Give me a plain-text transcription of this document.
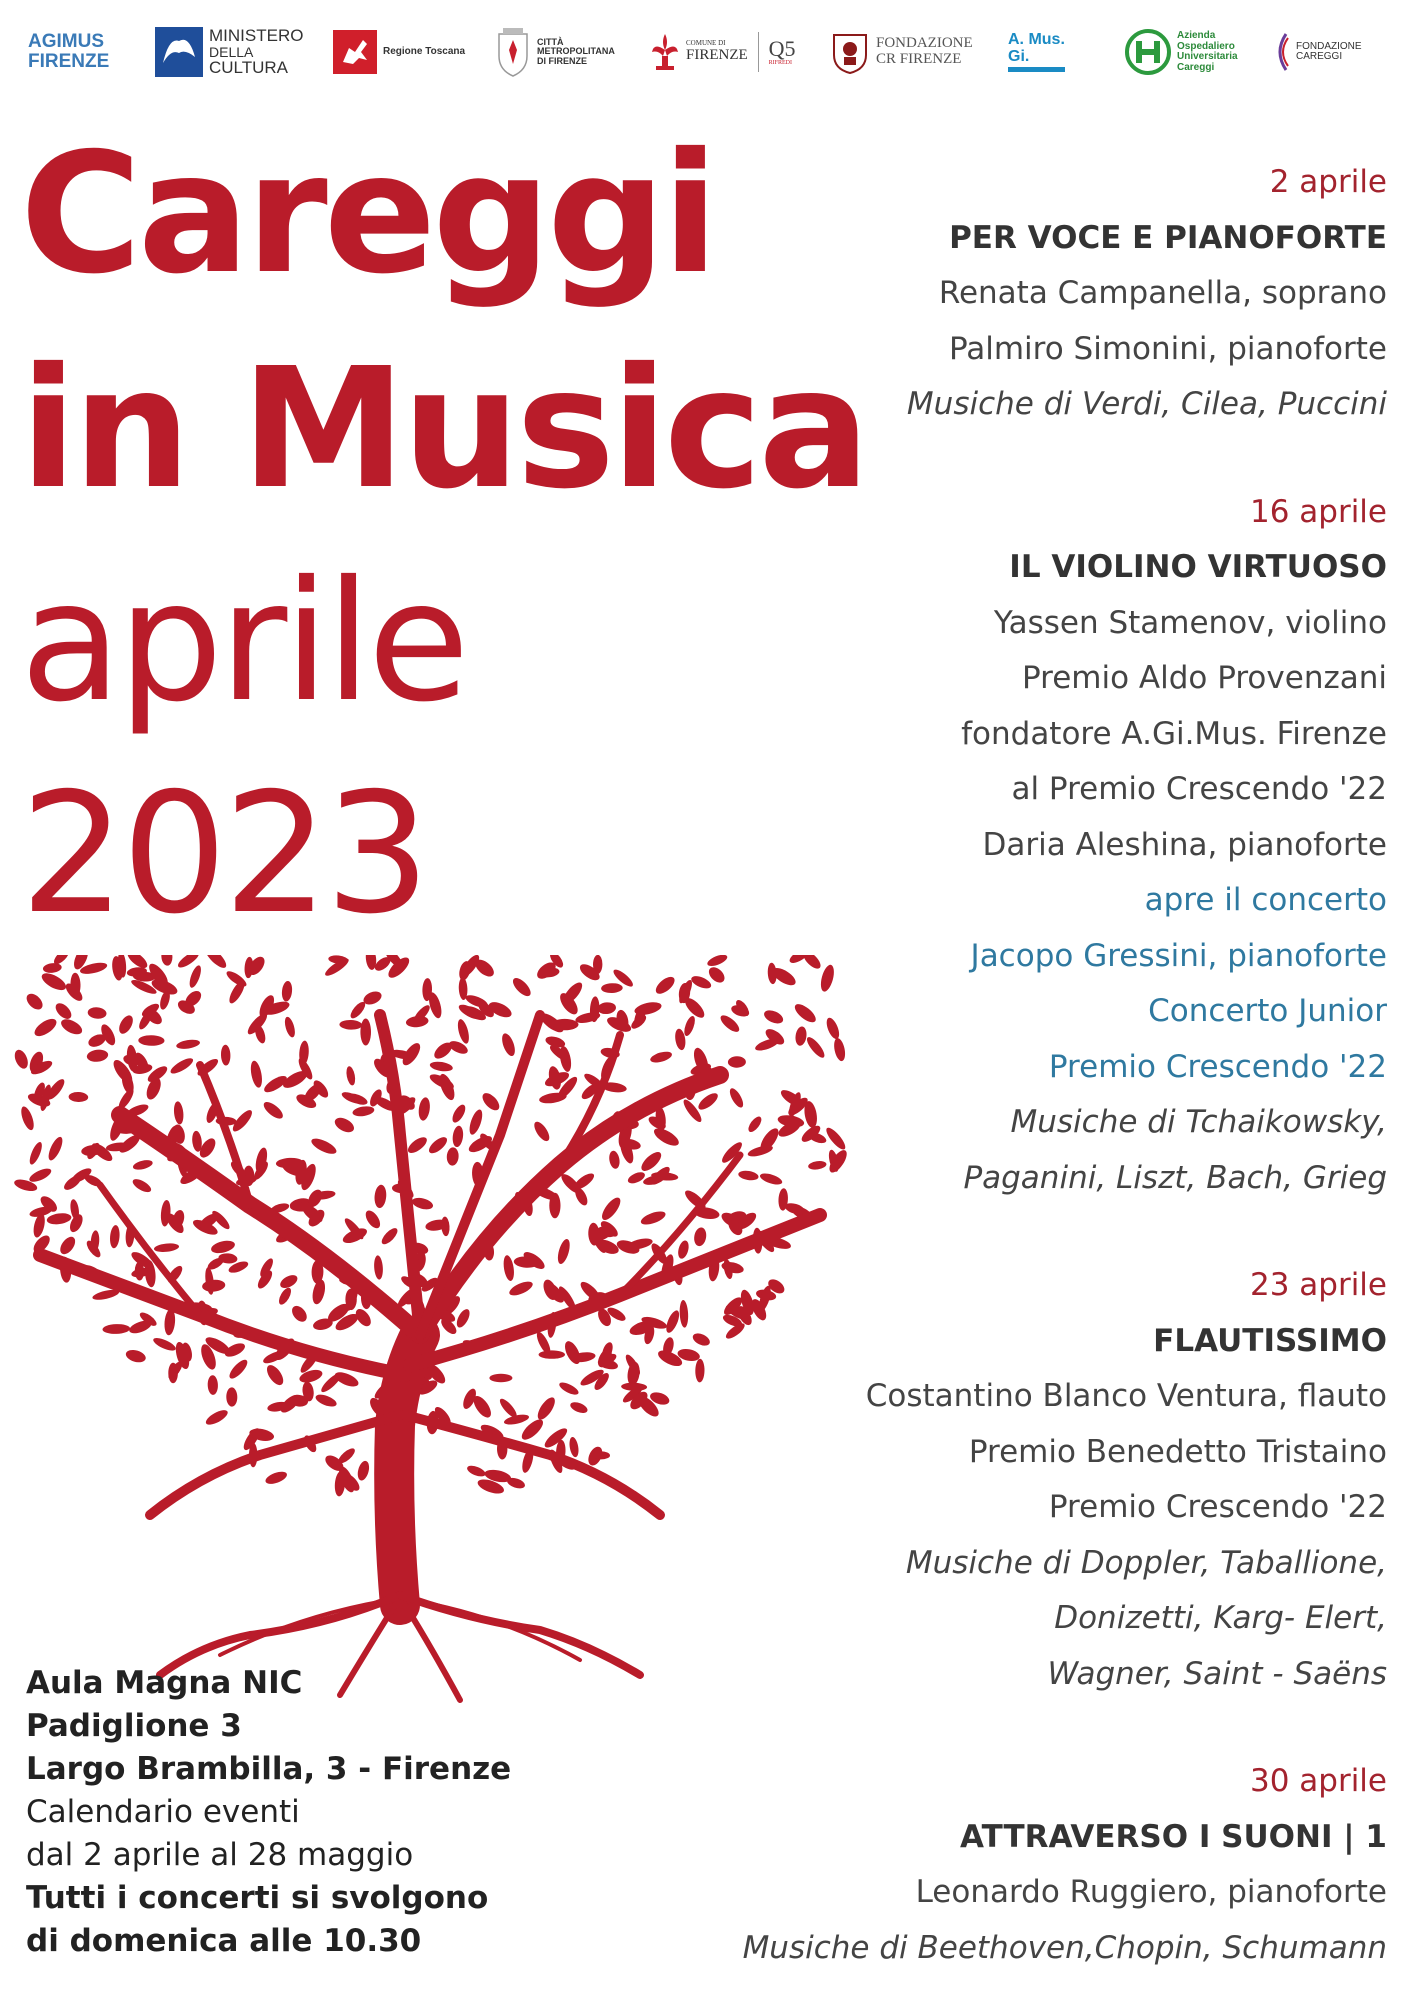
AGIMUS FIRENZE
MINISTERO
DELLA
CULTURA
Regione Toscana
CITTÀ
METROPOLITANA
DI FIRENZE
COMUNE DI
FIRENZE Q5
RIFREDI
FONDAZIONE
CR FIRENZE
A. Mus.
Gi.
Azienda
Ospedaliero
Universitaria
Careggi
FONDAZIONE CAREGGI
Careggi
in Musica
aprile
2023
Aula Magna NIC
Padiglione 3
Largo Brambilla, 3 - Firenze
Calendario eventi
dal 2 aprile al 28 maggio
Tutti i concerti si svolgono
di domenica alle 10.30
2 aprile
PER VOCE E PIANOFORTE
Renata Campanella, soprano
Palmiro Simonini, pianoforte
Musiche di Verdi, Cilea, Puccini
16 aprile
IL VIOLINO VIRTUOSO
Yassen Stamenov, violino
Premio Aldo Provenzani
fondatore A.Gi.Mus. Firenze
al Premio Crescendo '22
Daria Aleshina, pianoforte
apre il concerto
Jacopo Gressini, pianoforte
Concerto Junior
Premio Crescendo '22
Musiche di Tchaikowsky,
Paganini, Liszt, Bach, Grieg
23 aprile
FLAUTISSIMO
Costantino Blanco Ventura, flauto
Premio Benedetto Tristaino
Premio Crescendo '22
Musiche di Doppler, Taballione,
Donizetti, Karg- Elert,
Wagner, Saint - Saëns
30 aprile
ATTRAVERSO I SUONI | 1
Leonardo Ruggiero, pianoforte
Musiche di Beethoven,Chopin, Schumann
